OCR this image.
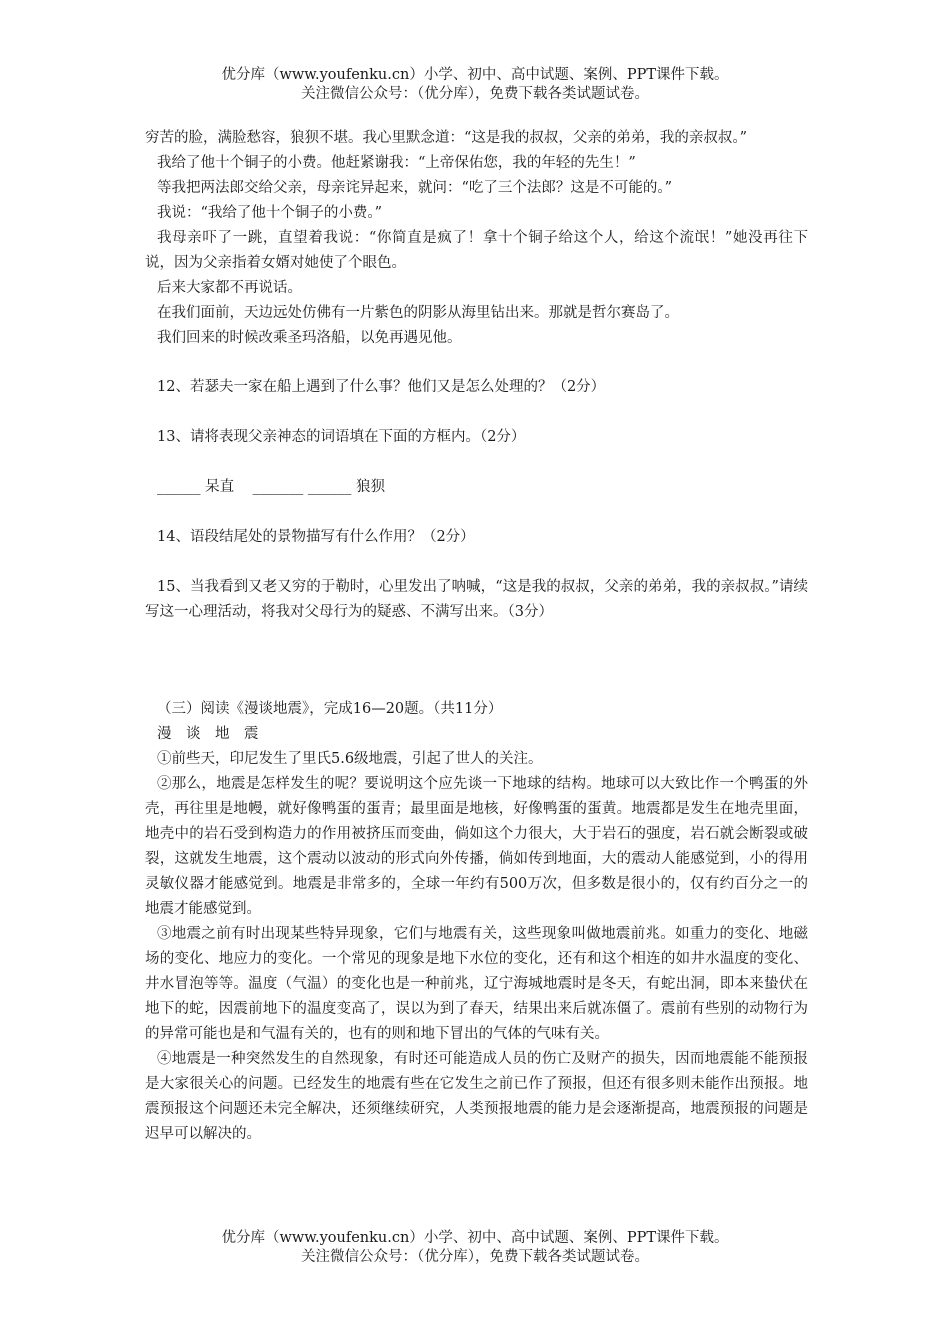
优分库（www.youfenku.cn）小学、初中、高中试题、案例、PPT课件下载。
关注微信公众号：（优分库），免费下载各类试题试卷。
穷苦的脸，满脸愁容，狼狈不堪。我心里默念道：“这是我的叔叔，父亲的弟弟，我的亲叔叔。”
我给了他十个铜子的小费。他赶紧谢我：“上帝保佑您，我的年轻的先生！”
等我把两法郎交给父亲，母亲诧异起来，就问：“吃了三个法郎？这是不可能的。”
我说：“我给了他十个铜子的小费。”
我母亲吓了一跳，直望着我说：“你简直是疯了！拿十个铜子给这个人，给这个流氓！”她没再往下说，因为父亲指着女婿对她使了个眼色。
后来大家都不再说话。
在我们面前，天边远处仿佛有一片紫色的阴影从海里钻出来。那就是哲尔赛岛了。
我们回来的时候改乘圣玛洛船，以免再遇见他。
12、若瑟夫一家在船上遇到了什么事？他们又是怎么处理的？（2分）
13、请将表现父亲神态的词语填在下面的方框内。（2分）
______ 呆直    _______ ______ 狼狈
14、语段结尾处的景物描写有什么作用？（2分）
15、当我看到又老又穷的于勒时，心里发出了呐喊，“这是我的叔叔，父亲的弟弟，我的亲叔叔。”请续写这一心理活动，将我对父母行为的疑惑、不满写出来。（3分）
（三）阅读《漫谈地震》，完成16—20题。（共11分）
漫　谈　地　震
①前些天，印尼发生了里氏5.6级地震，引起了世人的关注。
②那么，地震是怎样发生的呢？要说明这个应先谈一下地球的结构。地球可以大致比作一个鸭蛋的外壳，再往里是地幔，就好像鸭蛋的蛋青；最里面是地核，好像鸭蛋的蛋黄。地震都是发生在地壳里面，地壳中的岩石受到构造力的作用被挤压而变曲，倘如这个力很大，大于岩石的强度，岩石就会断裂或破裂，这就发生地震，这个震动以波动的形式向外传播，倘如传到地面，大的震动人能感觉到，小的得用灵敏仪器才能感觉到。地震是非常多的，全球一年约有500万次，但多数是很小的，仅有约百分之一的地震才能感觉到。
③地震之前有时出现某些特异现象，它们与地震有关，这些现象叫做地震前兆。如重力的变化、地磁场的变化、地应力的变化。一个常见的现象是地下水位的变化，还有和这个相连的如井水温度的变化、井水冒泡等等。温度（气温）的变化也是一种前兆，辽宁海城地震时是冬天，有蛇出洞，即本来蛰伏在地下的蛇，因震前地下的温度变高了，误以为到了春天，结果出来后就冻僵了。震前有些别的动物行为的异常可能也是和气温有关的，也有的则和地下冒出的气体的气味有关。
④地震是一种突然发生的自然现象，有时还可能造成人员的伤亡及财产的损失，因而地震能不能预报是大家很关心的问题。已经发生的地震有些在它发生之前已作了预报，但还有很多则未能作出预报。地震预报这个问题还未完全解决，还须继续研究，人类预报地震的能力是会逐渐提高，地震预报的问题是迟早可以解决的。
优分库（www.youfenku.cn）小学、初中、高中试题、案例、PPT课件下载。
关注微信公众号：（优分库），免费下载各类试题试卷。
